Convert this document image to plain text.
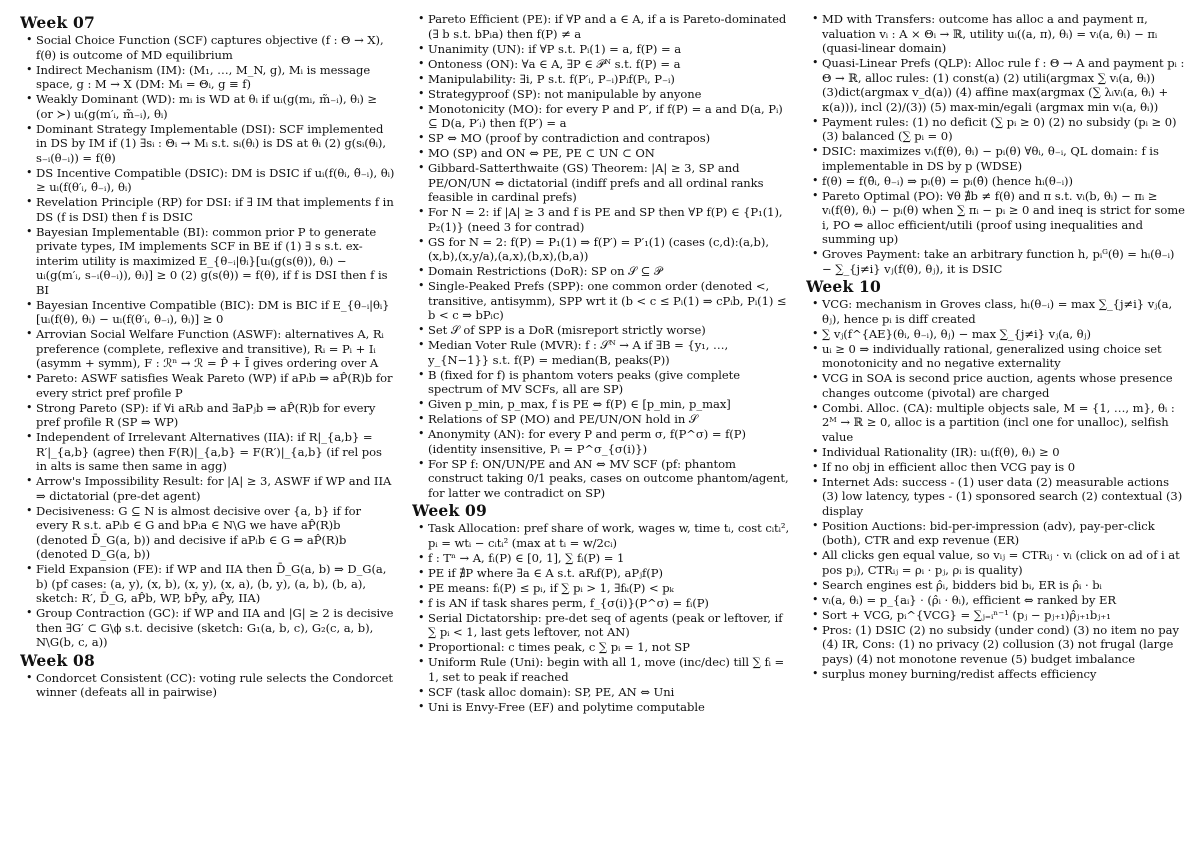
Week 07
• Social Choice Function (SCF) captures objective (f : Θ → X), f(θ) is outcome of MD equilibrium
• Indirect Mechanism (IM): (M₁, …, M_N, g), Mᵢ is message space, g : M → X (DM: Mᵢ = Θᵢ, g ≡ f)
• Weakly Dominant (WD): mᵢ is WD at θᵢ if uᵢ(g(mᵢ, m̃₋ᵢ), θᵢ) ≥ (or ≻) uᵢ(g(m′ᵢ, m̃₋ᵢ), θᵢ)
• Dominant Strategy Implementable (DSI): SCF implemented in DS by IM if (1) ∃sᵢ : Θᵢ → Mᵢ s.t. sᵢ(θᵢ) is DS at θᵢ (2) g(sᵢ(θᵢ), s₋ᵢ(θ₋ᵢ)) = f(θ)
• DS Incentive Compatible (DSIC): DM is DSIC if uᵢ(f(θᵢ, θ̃₋ᵢ), θᵢ) ≥ uᵢ(f(θ′ᵢ, θ̃₋ᵢ), θᵢ)
• Revelation Principle (RP) for DSI: if ∃ IM that implements f in DS (f is DSI) then f is DSIC
• Bayesian Implementable (BI): common prior P to generate private types, IM implements SCF in BE if (1) ∃ s s.t. ex-interim utility is maximized E_{θ₋ᵢ|θᵢ}[uᵢ(g(s(θ)), θᵢ) − uᵢ(g(m′ᵢ, s₋ᵢ(θ₋ᵢ)), θᵢ)] ≥ 0 (2) g(s(θ)) = f(θ), if f is DSI then f is BI
• Bayesian Incentive Compatible (BIC): DM is BIC if E_{θ₋ᵢ|θᵢ}[uᵢ(f(θ), θᵢ) − uᵢ(f(θ′ᵢ, θ₋ᵢ), θᵢ)] ≥ 0
• Arrovian Social Welfare Function (ASWF): alternatives A, Rᵢ preference (complete, reflexive and transitive), Rᵢ = Pᵢ + Iᵢ (asymm + symm), F : ℛⁿ → ℛ = P̂ + Ī gives ordering over A
• Pareto: ASWF satisfies Weak Pareto (WP) if aPᵢb ⇒ aP̂(R)b for every strict pref profile P
• Strong Pareto (SP): if ∀i aRᵢb and ∃aPⱼb ⇒ aP̂(R)b for every pref profile R (SP ⇒ WP)
• Independent of Irrelevant Alternatives (IIA): if R|_{a,b} = R′|_{a,b} (agree) then F(R)|_{a,b} = F(R′)|_{a,b} (if rel pos in alts is same then same in agg)
• Arrow's Impossibility Result: for |A| ≥ 3, ASWF if WP and IIA ⇒ dictatorial (pre-det agent)
• Decisiveness: G ⊆ N is almost decisive over {a, b} if for every R s.t. aPᵢb ∈ G and bPᵢa ∈ N\G we have aP̂(R)b (denoted D̄_G(a, b)) and decisive if aPᵢb ∈ G ⇒ aP̂(R)b (denoted D_G(a, b))
• Field Expansion (FE): if WP and IIA then D̄_G(a, b) ⇒ D_G(a, b) (pf cases: (a, y), (x, b), (x, y), (x, a), (b, y), (a, b), (b, a), sketch: R′, D̄_G, aP̂b, WP, bP̂y, aP̂y, IIA)
• Group Contraction (GC): if WP and IIA and |G| ≥ 2 is decisive then ∃G′ ⊂ G\ϕ s.t. decisive (sketch: G₁(a, b, c), G₂(c, a, b), N\G(b, c, a))
Week 08
• Condorcet Consistent (CC): voting rule selects the Condorcet winner (defeats all in pairwise)
• Pareto Efficient (PE): if ∀P and a ∈ A, if a is Pareto-dominated (∃ b s.t. bPᵢa) then f(P) ≠ a
• Unanimity (UN): if ∀P s.t. Pᵢ(1) = a, f(P) = a
• Ontoness (ON): ∀a ∈ A, ∃P ∈ 𝒫ᴺ s.t. f(P) = a
• Manipulability: ∃i, P s.t. f(P′ᵢ, P₋ᵢ)Pᵢf(Pᵢ, P₋ᵢ)
• Strategyproof (SP): not manipulable by anyone
• Monotonicity (MO): for every P and P′, if f(P) = a and D(a, Pᵢ) ⊆ D(a, P′ᵢ) then f(P′) = a
• SP ⇔ MO (proof by contradiction and contrapos)
• MO (SP) and ON ⇔ PE, PE ⊂ UN ⊂ ON
• Gibbard-Satterthwaite (GS) Theorem: |A| ≥ 3, SP and PE/ON/UN ⇔ dictatorial (indiff prefs and all ordinal ranks feasible in cardinal prefs)
• For N = 2: if |A| ≥ 3 and f is PE and SP then ∀P f(P) ∈ {P₁(1), P₂(1)} (need 3 for contrad)
• GS for N = 2: f(P) = P₁(1) ⇒ f(P′) = P′₁(1) (cases (c,d):(a,b),(x,b),(x,y/a),(a,x),(b,x),(b,a))
• Domain Restrictions (DoR): SP on 𝒮 ⊆ 𝒫
• Single-Peaked Prefs (SPP): one common order (denoted <, transitive, antisymm), SPP wrt it (b < c ≤ Pᵢ(1) ⇒ cPᵢb, Pᵢ(1) ≤ b < c ⇒ bPᵢc)
• Set 𝒮 of SPP is a DoR (misreport strictly worse)
• Median Voter Rule (MVR): f : 𝒮ᴺ → A if ∃B = {y₁, …, y_{N−1}} s.t. f(P) = median(B, peaks(P))
• B (fixed for f) is phantom voters peaks (give complete spectrum of MV SCFs, all are SP)
• Given p_min, p_max, f is PE ⇔ f(P) ∈ [p_min, p_max]
• Relations of SP (MO) and PE/UN/ON hold in 𝒮
• Anonymity (AN): for every P and perm σ, f(P^σ) = f(P) (identity insensitive, Pᵢ = P^σ_{σ(i)})
• For SP f: ON/UN/PE and AN ⇔ MV SCF (pf: phantom construct taking 0/1 peaks, cases on outcome phantom/agent, for latter we contradict on SP)
Week 09
• Task Allocation: pref share of work, wages w, time tᵢ, cost cᵢtᵢ², pᵢ = wtᵢ − cᵢtᵢ² (max at tᵢ = w/2cᵢ)
• f : Tⁿ → A, fᵢ(P) ∈ [0, 1], ∑ fᵢ(P) = 1
• PE if ∄P where ∃a ∈ A s.t. aRᵢf(P), aPⱼf(P)
• PE means: fᵢ(P) ≤ pᵢ, if ∑ pᵢ > 1, ∃fₖ(P) < pₖ
• f is AN if task shares perm, f_{σ(i)}(P^σ) = fᵢ(P)
• Serial Dictatorship: pre-det seq of agents (peak or leftover, if ∑ pᵢ < 1, last gets leftover, not AN)
• Proportional: c times peak, c ∑ pᵢ = 1, not SP
• Uniform Rule (Uni): begin with all 1, move (inc/dec) till ∑ fᵢ = 1, set to peak if reached
• SCF (task alloc domain): SP, PE, AN ⇔ Uni
• Uni is Envy-Free (EF) and polytime computable
• MD with Transfers: outcome has alloc a and payment π, valuation vᵢ : A × Θᵢ → ℝ, utility uᵢ((a, π), θᵢ) = vᵢ(a, θᵢ) − πᵢ (quasi-linear domain)
• Quasi-Linear Prefs (QLP): Alloc rule f : Θ → A and payment pᵢ : Θ → ℝ, alloc rules: (1) const(a) (2) utili(argmax ∑ vᵢ(a, θᵢ)) (3)dict(argmax v_d(a)) (4) affine max(argmax (∑ λᵢvᵢ(a, θᵢ) + κ(a))), incl (2)/(3)) (5) max-min/egali (argmax min vᵢ(a, θᵢ))
• Payment rules: (1) no deficit (∑ pᵢ ≥ 0) (2) no subsidy (pᵢ ≥ 0) (3) balanced (∑ pᵢ = 0)
• DSIC: maximizes vᵢ(f(θ), θᵢ) − pᵢ(θ) ∀θᵢ, θ₋ᵢ, QL domain: f is implementable in DS by p (WDSE)
• f(θ) = f(θ̂ᵢ, θ₋ᵢ) ⇒ pᵢ(θ) = pᵢ(θ̂) (hence hᵢ(θ₋ᵢ))
• Pareto Optimal (PO): ∀θ ∄b ≠ f(θ) and π s.t. vᵢ(b, θᵢ) − πᵢ ≥ vᵢ(f(θ), θᵢ) − pᵢ(θ) when ∑ πᵢ − pᵢ ≥ 0 and ineq is strict for some i, PO ⇔ alloc efficient/utili (proof using inequalities and summing up)
• Groves Payment: take an arbitrary function h, pᵢᴳ(θ) = hᵢ(θ₋ᵢ) − ∑_{j≠i} vⱼ(f(θ), θⱼ), it is DSIC
Week 10
• VCG: mechanism in Groves class, hᵢ(θ₋ᵢ) = max ∑_{j≠i} vⱼ(a, θⱼ), hence pᵢ is diff created
• ∑ vⱼ(f^{AE}(θᵢ, θ₋ᵢ), θⱼ) − max ∑_{j≠i} vⱼ(a, θⱼ)
• uᵢ ≥ 0 ⇒ individually rational, generalized using choice set monotonicity and no negative externality
• VCG in SOA is second price auction, agents whose presence changes outcome (pivotal) are charged
• Combi. Alloc. (CA): multiple objects sale, M = {1, …, m}, θᵢ : 2ᴹ → ℝ ≥ 0, alloc is a partition (incl one for unalloc), selfish value
• Individual Rationality (IR): uᵢ(f(θ), θᵢ) ≥ 0
• If no obj in efficient alloc then VCG pay is 0
• Internet Ads: success - (1) user data (2) measurable actions (3) low latency, types - (1) sponsored search (2) contextual (3) display
• Position Auctions: bid-per-impression (adv), pay-per-click (both), CTR and exp revenue (ER)
• All clicks gen equal value, so vᵢⱼ = CTRᵢⱼ · vᵢ (click on ad of i at pos pⱼ), CTRᵢⱼ = ρᵢ · pⱼ, ρᵢ is quality)
• Search engines est ρ̂ᵢ, bidders bid bᵢ, ER is ρ̂ᵢ · bᵢ
• vᵢ(a, θᵢ) = p_{aᵢ} · (ρ̂ᵢ · θᵢ), efficient ⇔ ranked by ER
• Sort + VCG, pᵢ^{VCG} = ∑ⱼ₌ᵢⁿ⁻¹ (pⱼ − pⱼ₊₁)ρ̂ⱼ₊₁bⱼ₊₁
• Pros: (1) DSIC (2) no subsidy (under cond) (3) no item no pay (4) IR, Cons: (1) no privacy (2) collusion (3) not frugal (large pays) (4) not monotone revenue (5) budget imbalance
• surplus money burning/redist affects efficiency
